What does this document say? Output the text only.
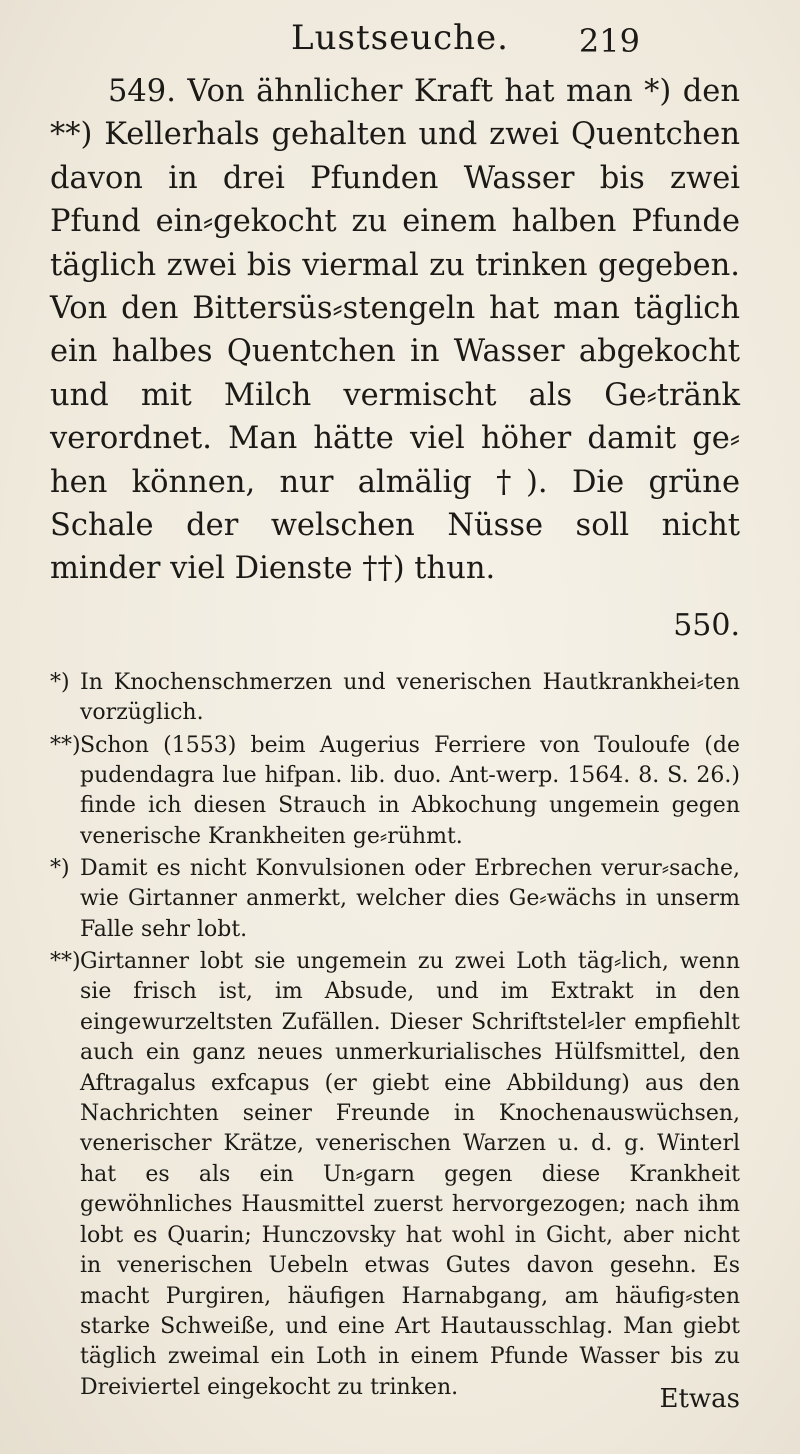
Lustseuche.	219

549. Von ähnlicher Kraft hat man *) den **) Kellerhals gehalten und zwei Quentchen davon in drei Pfunden Wasser bis zwei Pfund ein⸗gekocht zu einem halben Pfunde täglich zwei bis viermal zu trinken gegeben. Von den Bittersüs⸗stengeln hat man täglich ein halbes Quentchen in Wasser abgekocht und mit Milch vermischt als Ge⸗tränk verordnet. Man hätte viel höher damit ge⸗hen können, nur almälig †). Die grüne Schale der welschen Nüsse soll nicht minder viel Dienste ††) thun.

550.

*) In Knochenschmerzen und venerischen Hautkrankhei⸗ten vorzüglich.

**)Schon (1553) beim Augerius Ferriere von Touloufe (de pudendagra lue hifpan. lib. duo. Ant-werp. 1564. 8. S. 26.) finde ich diesen Strauch in Abkochung ungemein gegen venerische Krankheiten ge⸗rühmt.

*) Damit es nicht Konvulsionen oder Erbrechen verur⸗sache, wie Girtanner anmerkt, welcher dies Ge⸗wächs in unserm Falle sehr lobt.

**)Girtanner lobt sie ungemein zu zwei Loth täg⸗lich, wenn sie frisch ist, im Absude, und im Extrakt in den eingewurzeltsten Zufällen. Dieser Schriftstel⸗ler empfiehlt auch ein ganz neues unmerkurialisches Hülfsmittel, den Aftragalus exfcapus (er giebt eine Abbildung) aus den Nachrichten seiner Freunde in Knochenauswüchsen, venerischer Krätze, venerischen Warzen u. d. g. Winterl hat es als ein Un⸗garn gegen diese Krankheit gewöhnliches Hausmittel zuerst hervorgezogen; nach ihm lobt es Quarin; Hunczovsky hat wohl in Gicht, aber nicht in venerischen Uebeln etwas Gutes davon gesehn. Es macht Purgiren, häufigen Harnabgang, am häufig⸗sten starke Schweiße, und eine Art Hautausschlag. Man giebt täglich zweimal ein Loth in einem Pfunde Wasser bis zu Dreiviertel eingekocht zu trinken.	Etwas
